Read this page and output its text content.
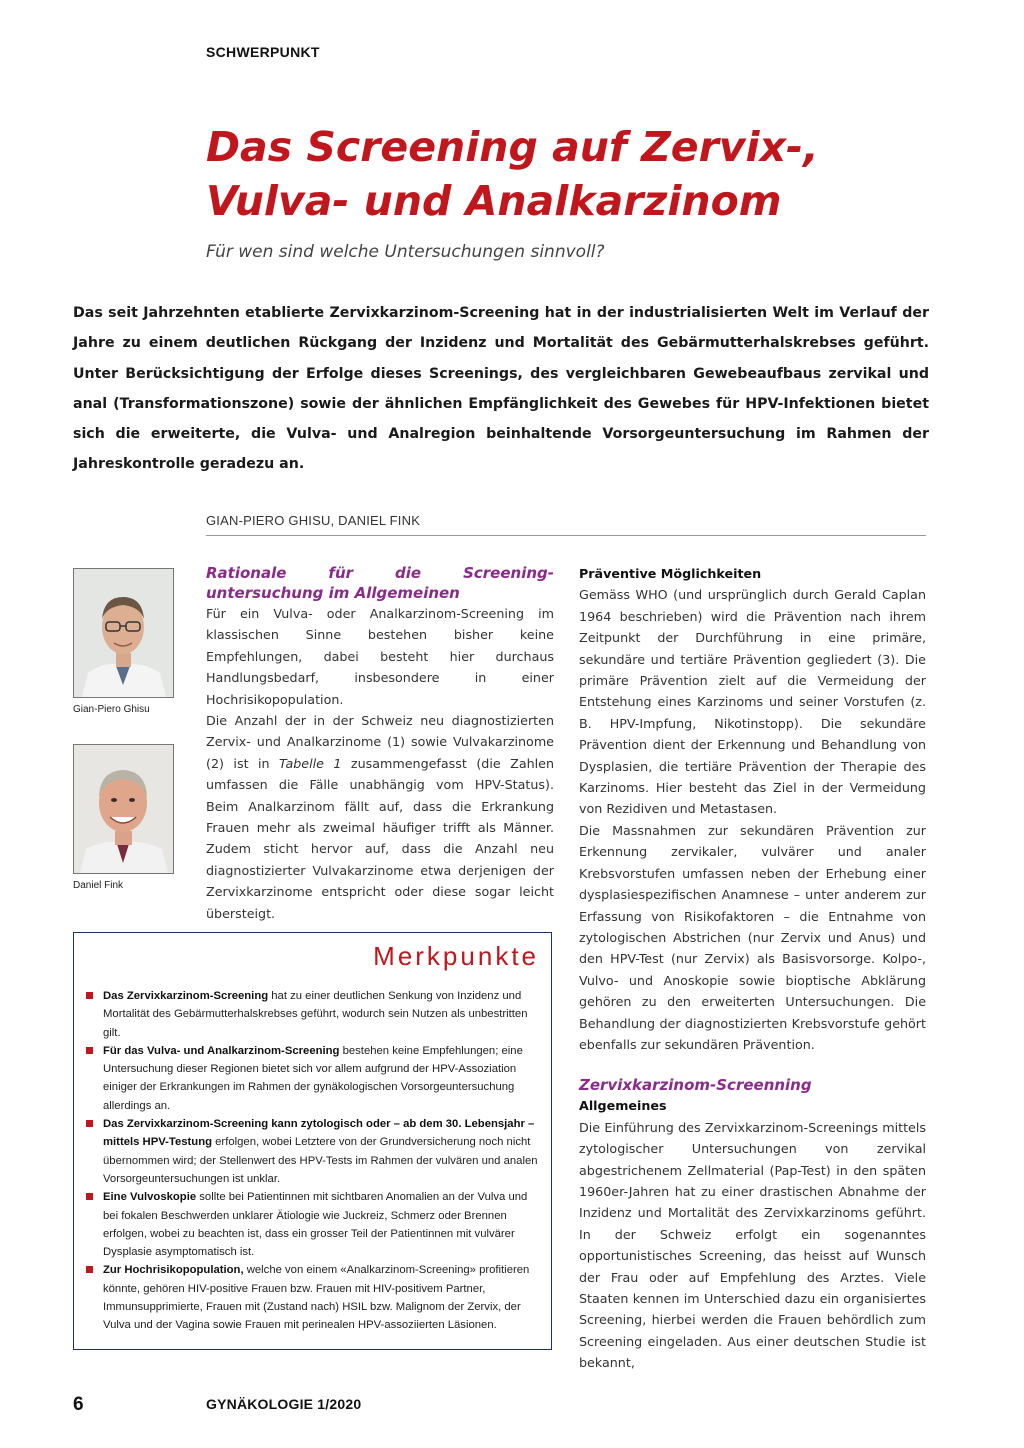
SCHWERPUNKT
Das Screening auf Zervix-,
Vulva- und Analkarzinom
Für wen sind welche Untersuchungen sinnvoll?

Das seit Jahrzehnten etablierte Zervixkarzinom-Screening hat in der industrialisierten Welt im Verlauf der Jahre zu einem deutlichen Rückgang der Inzidenz und Mortalität des Gebärmutterhalskrebses geführt. Unter Berücksichtigung der Erfolge dieses Screenings, des vergleichbaren Gewebeaufbaus zervikal und anal (Transformationszone) sowie der ähnlichen Empfänglichkeit des Gewebes für HPV-Infektionen bietet sich die erweiterte, die Vulva- und Analregion beinhaltende Vorsorgeuntersuchung im Rahmen der Jahreskontrolle geradezu an.

GIAN-PIERO GHISU, DANIEL FINK
Gian-Piero Ghisu
Daniel Fink
Rationale für die Screening-untersuchung im Allgemeinen

Für ein Vulva- oder Analkarzinom-Screening im klassischen Sinne bestehen bisher keine Empfehlungen, dabei besteht hier durchaus Handlungsbedarf, insbesondere in einer Hochrisikopopulation.

Die Anzahl der in der Schweiz neu diagnostizierten Zervix- und Analkarzinome (1) sowie Vulvakarzinome (2) ist in Tabelle 1 zusammengefasst (die Zahlen umfassen die Fälle unabhängig vom HPV-Status). Beim Analkarzinom fällt auf, dass die Erkrankung Frauen mehr als zweimal häufiger trifft als Männer. Zudem sticht hervor auf, dass die Anzahl neu diagnostizierter Vulvakarzinome etwa derjenigen der Zervixkarzinome entspricht oder diese sogar leicht übersteigt.

Merkpunkte
Das Zervixkarzinom-Screening hat zu einer deutlichen Senkung von Inzidenz und Mortalität des Gebärmutterhalskrebses geführt, wodurch sein Nutzen als unbestritten gilt.
Für das Vulva- und Analkarzinom-Screening bestehen keine Empfehlungen; eine Untersuchung dieser Regionen bietet sich vor allem aufgrund der HPV-Assoziation einiger der Erkrankungen im Rahmen der gynäkologischen Vorsorgeuntersuchung allerdings an.
Das Zervixkarzinom-Screening kann zytologisch oder – ab dem 30. Lebensjahr – mittels HPV-Testung erfolgen, wobei Letztere von der Grundversicherung noch nicht übernommen wird; der Stellenwert des HPV-Tests im Rahmen der vulvären und analen Vorsorgeuntersuchungen ist unklar.
Eine Vulvoskopie sollte bei Patientinnen mit sichtbaren Anomalien an der Vulva und bei fokalen Beschwerden unklarer Ätiologie wie Juckreiz, Schmerz oder Brennen erfolgen, wobei zu beachten ist, dass ein grosser Teil der Patientinnen mit vulvärer Dysplasie asymptomatisch ist.
Zur Hochrisikopopulation, welche von einem «Analkarzinom-Screening» profitieren könnte, gehören HIV-positive Frauen bzw. Frauen mit HIV-positivem Partner, Immunsupprimierte, Frauen mit (Zustand nach) HSIL bzw. Malignom der Zervix, der Vulva und der Vagina sowie Frauen mit perinealen HPV-assoziierten Läsionen.
Präventive Möglichkeiten

Gemäss WHO (und ursprünglich durch Gerald Caplan 1964 beschrieben) wird die Prävention nach ihrem Zeitpunkt der Durchführung in eine primäre, sekundäre und tertiäre Prävention gegliedert (3). Die primäre Prävention zielt auf die Vermeidung der Entstehung eines Karzinoms und seiner Vorstufen (z. B. HPV-Impfung, Nikotinstopp). Die sekundäre Prävention dient der Erkennung und Behandlung von Dysplasien, die tertiäre Prävention der Therapie des Karzinoms. Hier besteht das Ziel in der Vermeidung von Rezidiven und Metastasen.

Die Massnahmen zur sekundären Prävention zur Erkennung zervikaler, vulvärer und analer Krebsvorstufen umfassen neben der Erhebung einer dysplasiespezifischen Anamnese – unter anderem zur Erfassung von Risikofaktoren – die Entnahme von zytologischen Abstrichen (nur Zervix und Anus) und den HPV-Test (nur Zervix) als Basisvorsorge. Kolpo-, Vulvo- und Anoskopie sowie bioptische Abklärung gehören zu den erweiterten Untersuchungen. Die Behandlung der diagnostizierten Krebsvorstufe gehört ebenfalls zur sekundären Prävention.

Zervixkarzinom-Screenning
Allgemeines

Die Einführung des Zervixkarzinom-Screenings mittels zytologischer Untersuchungen von zervikal abgestrichenem Zellmaterial (Pap-Test) in den späten 1960er-Jahren hat zu einer drastischen Abnahme der Inzidenz und Mortalität des Zervixkarzinoms geführt. In der Schweiz erfolgt ein sogenanntes opportunistisches Screening, das heisst auf Wunsch der Frau oder auf Empfehlung des Arztes. Viele Staaten kennen im Unterschied dazu ein organisiertes Screening, hierbei werden die Frauen behördlich zum Screening eingeladen. Aus einer deutschen Studie ist bekannt,

6	GYNÄKOLOGIE 1/2020
